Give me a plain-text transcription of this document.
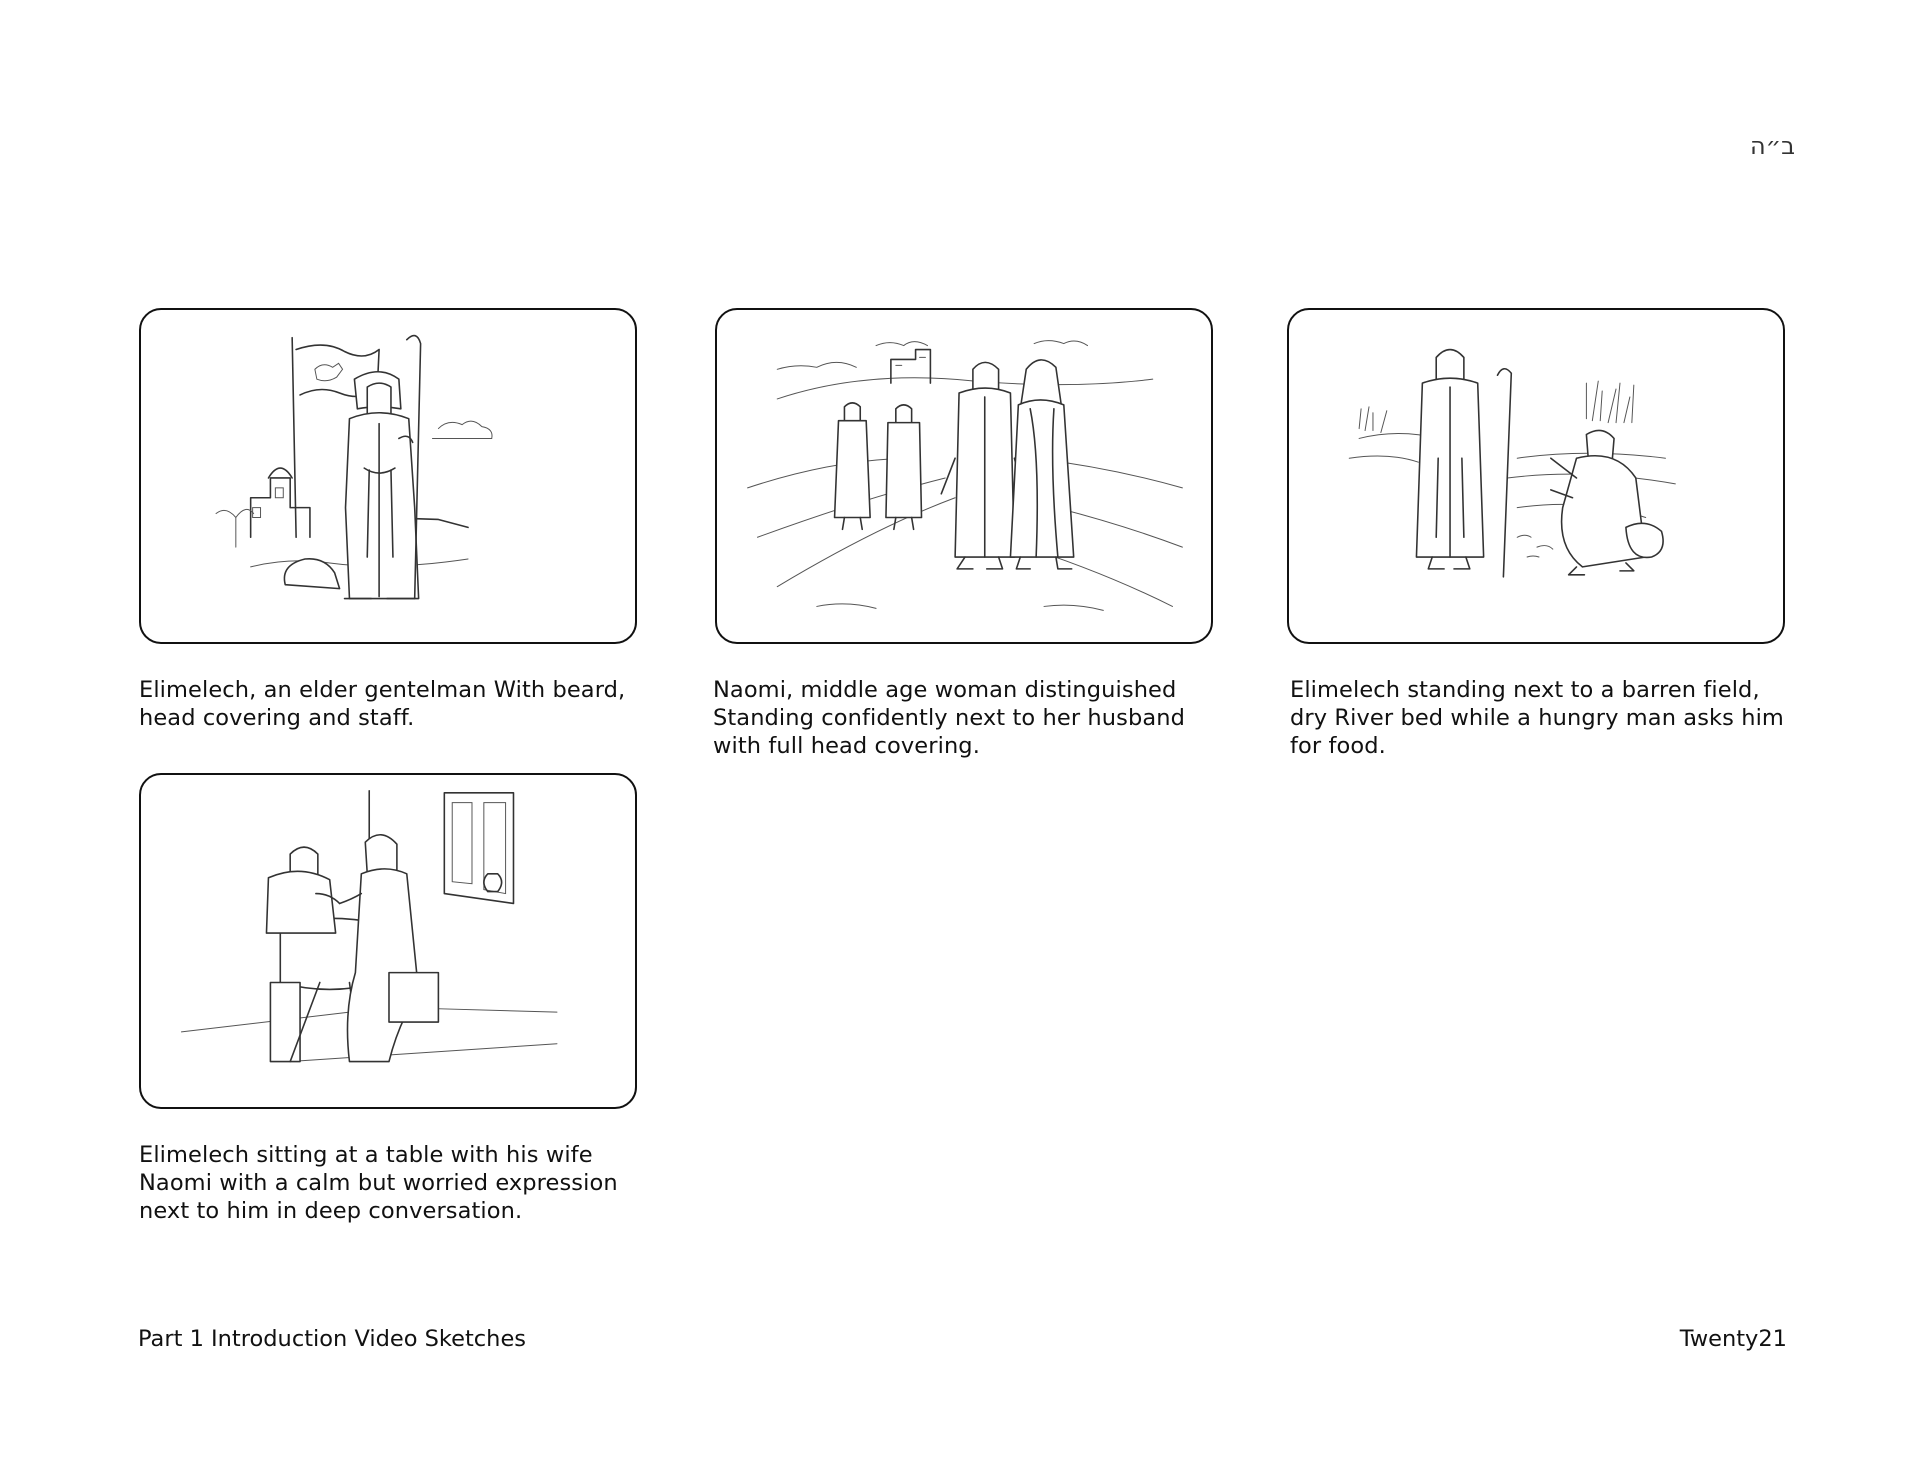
ב״ה
Elimelech, an elder gentelman With beard,
head covering and staff.
Naomi, middle age woman distinguished
Standing confidently next to her husband
with full head covering.
Elimelech standing next to a barren field,
dry River bed while a hungry man asks him
for food.
Elimelech sitting at a table with his wife
Naomi with a calm but worried expression
next to him in deep conversation.
Part 1 Introduction Video Sketches	Twenty21
